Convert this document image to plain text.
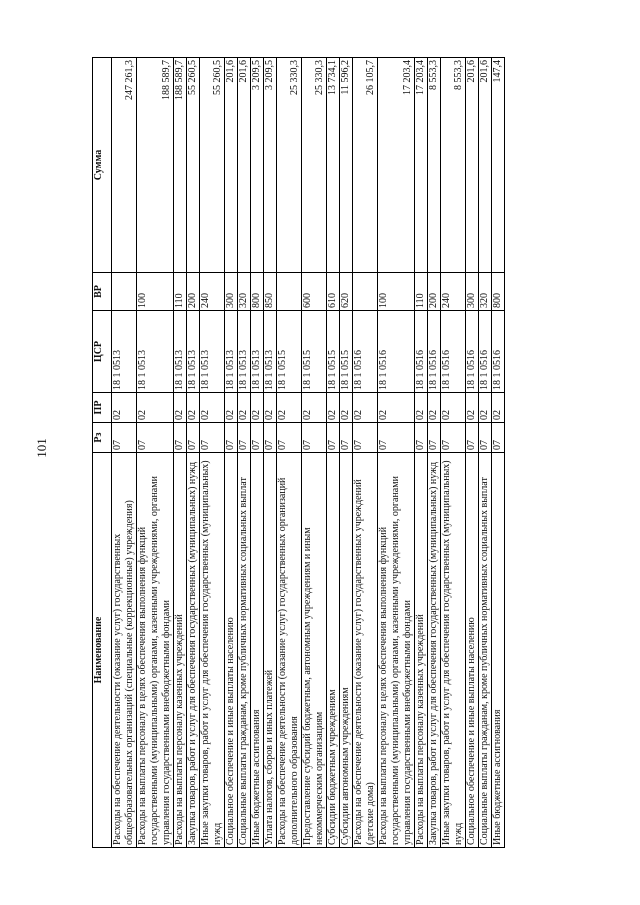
101
Наименование	Рз	ПР	ЦСР	ВР	Сумма
Расходы на обеспечение деятельности (оказание услуг) государственных общеобразовательных организаций (специальные (коррекционные) учреждения)	07	02	18 1 0513		247 261,3
Расходы на выплаты персоналу в целях обеспечения выполнения функций государственными (муниципальными) органами, казенными учреждениями, органами управления государственными внебюджетными фондами	07	02	18 1 0513	100	188 589,7
Расходы на выплаты персоналу казенных учреждений	07	02	18 1 0513	110	188 589,7
Закупка товаров, работ и услуг для обеспечения государственных (муниципальных) нужд	07	02	18 1 0513	200	55 260,5
Иные закупки товаров, работ и услуг для обеспечения государственных (муниципальных) нужд	07	02	18 1 0513	240	55 260,5
Социальное обеспечение и иные выплаты населению	07	02	18 1 0513	300	201,6
Социальные выплаты гражданам, кроме публичных нормативных социальных выплат	07	02	18 1 0513	320	201,6
Иные бюджетные ассигнования	07	02	18 1 0513	800	3 209,5
Уплата налогов, сборов и иных платежей	07	02	18 1 0513	850	3 209,5
Расходы на обеспечение деятельности (оказание услуг) государственных организаций дополнительного образования	07	02	18 1 0515		25 330,3
Предоставление субсидий бюджетным, автономным учреждениям и иным некоммерческим организациям	07	02	18 1 0515	600	25 330,3
Субсидии бюджетным учреждениям	07	02	18 1 0515	610	13 734,1
Субсидии автономным учреждениям	07	02	18 1 0515	620	11 596,2
Расходы на обеспечение деятельности (оказание услуг) государственных учреждений (детские дома)	07	02	18 1 0516		26 105,7
Расходы на выплаты персоналу в целях обеспечения выполнения функций государственными (муниципальными) органами, казенными учреждениями, органами управления государственными внебюджетными фондами	07	02	18 1 0516	100	17 203,4
Расходы на выплаты персоналу казенных учреждений	07	02	18 1 0516	110	17 203,4
Закупка товаров, работ и услуг для обеспечения государственных (муниципальных) нужд	07	02	18 1 0516	200	8 553,3
Иные закупки товаров, работ и услуг для обеспечения государственных (муниципальных) нужд	07	02	18 1 0516	240	8 553,3
Социальное обеспечение и иные выплаты населению	07	02	18 1 0516	300	201,6
Социальные выплаты гражданам, кроме публичных нормативных социальных выплат	07	02	18 1 0516	320	201,6
Иные бюджетные ассигнования	07	02	18 1 0516	800	147,4
